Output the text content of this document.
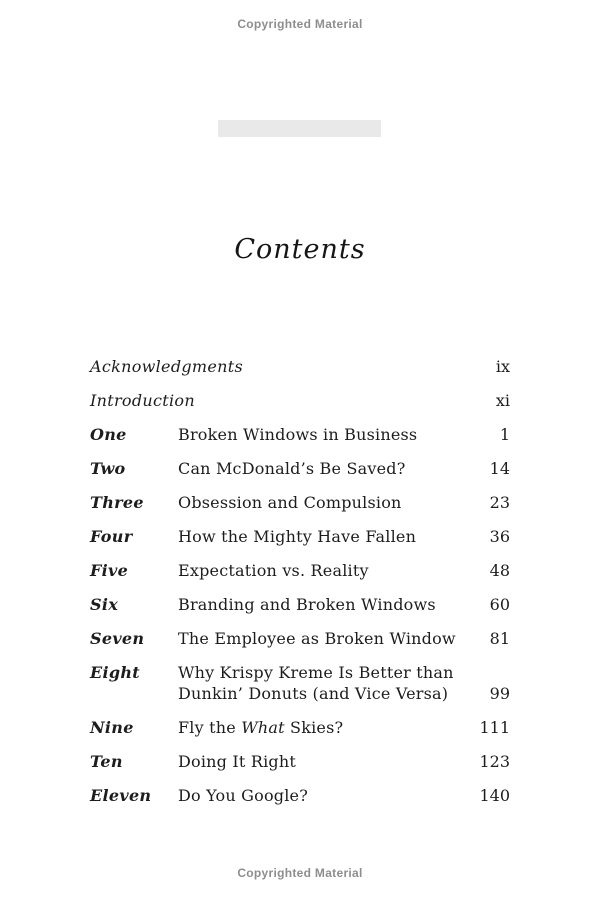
Copyrighted Material
Contents
Acknowledgments	ix
Introduction	xi
One	Broken Windows in Business	1
Two	Can McDonald’s Be Saved?	14
Three	Obsession and Compulsion	23
Four	How the Mighty Have Fallen	36
Five	Expectation vs. Reality	48
Six	Branding and Broken Windows	60
Seven	The Employee as Broken Window	81
Eight	Why Krispy Kreme Is Better than
Dunkin’ Donuts (and Vice Versa)	99
Nine	Fly the What Skies?	111
Ten	Doing It Right	123
Eleven	Do You Google?	140
Copyrighted Material
